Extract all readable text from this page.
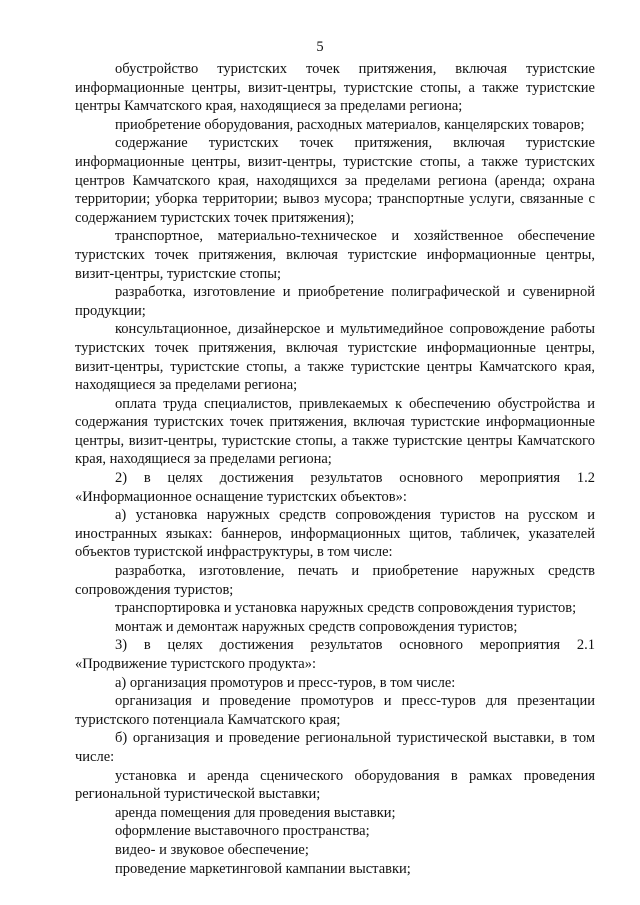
5

обустройство туристских точек притяжения, включая туристские информационные центры, визит-центры, туристские стопы, а также туристские центры Камчатского края, находящиеся за пределами региона;

приобретение оборудования, расходных материалов, канцелярских товаров;

содержание туристских точек притяжения, включая туристские информационные центры, визит-центры, туристские стопы, а также туристских центров Камчатского края, находящихся за пределами региона (аренда; охрана территории; уборка территории; вывоз мусора; транспортные услуги, связанные с содержанием туристских точек притяжения);

транспортное, материально-техническое и хозяйственное обеспечение туристских точек притяжения, включая туристские информационные центры, визит-центры, туристские стопы;

разработка, изготовление и приобретение полиграфической и сувенирной продукции;

консультационное, дизайнерское и мультимедийное сопровождение работы туристских точек притяжения, включая туристские информационные центры, визит-центры, туристские стопы, а также туристские центры Камчатского края, находящиеся за пределами региона;

оплата труда специалистов, привлекаемых к обеспечению обустройства и содержания туристских точек притяжения, включая туристские информационные центры, визит-центры, туристские стопы, а также туристские центры Камчатского края, находящиеся за пределами региона;

2) в целях достижения результатов основного мероприятия 1.2 «Информационное оснащение туристских объектов»:

а) установка наружных средств сопровождения туристов на русском и иностранных языках: баннеров, информационных щитов, табличек, указателей объектов туристской инфраструктуры, в том числе:

разработка, изготовление, печать и приобретение наружных средств сопровождения туристов;

транспортировка и установка наружных средств сопровождения туристов;

монтаж и демонтаж наружных средств сопровождения туристов;

3) в целях достижения результатов основного мероприятия 2.1 «Продвижение туристского продукта»:

а) организация промотуров и пресс-туров, в том числе:

организация и проведение промотуров и пресс-туров для презентации туристского потенциала Камчатского края;

б) организация и проведение региональной туристической выставки, в том числе:

установка и аренда сценического оборудования в рамках проведения региональной туристической выставки;

аренда помещения для проведения выставки;

оформление выставочного пространства;

видео- и звуковое обеспечение;

проведение маркетинговой кампании выставки;
